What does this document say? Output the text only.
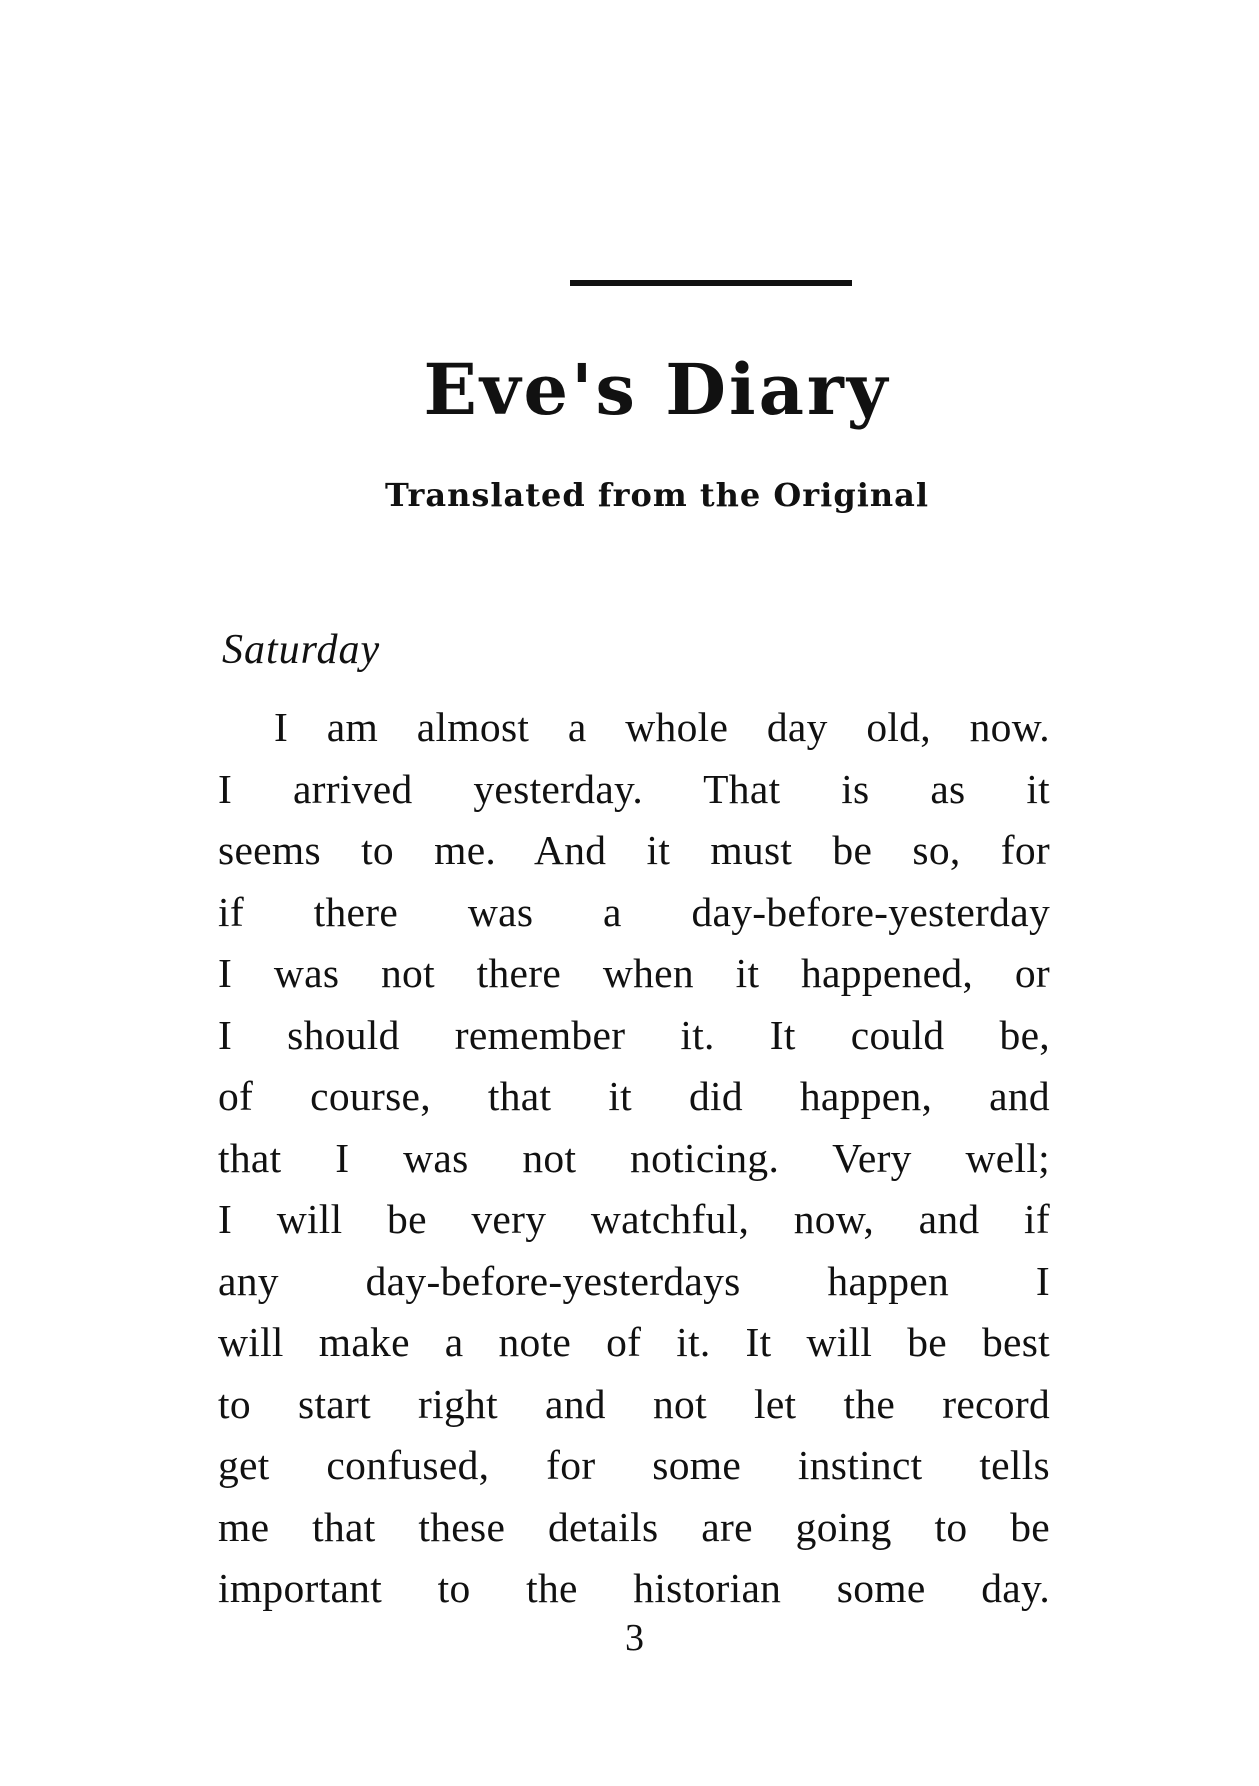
Eve's Diary
Translated from the Original
Saturday
I am almost a whole day old, now.
I arrived yesterday. That is as it
seems to me. And it must be so, for
if there was a day-before-yesterday
I was not there when it happened, or
I should remember it. It could be,
of course, that it did happen, and
that I was not noticing. Very well;
I will be very watchful, now, and if
any day-before-yesterdays happen I
will make a note of it. It will be best
to start right and not let the record
get confused, for some instinct tells
me that these details are going to be
important to the historian some day.
3
